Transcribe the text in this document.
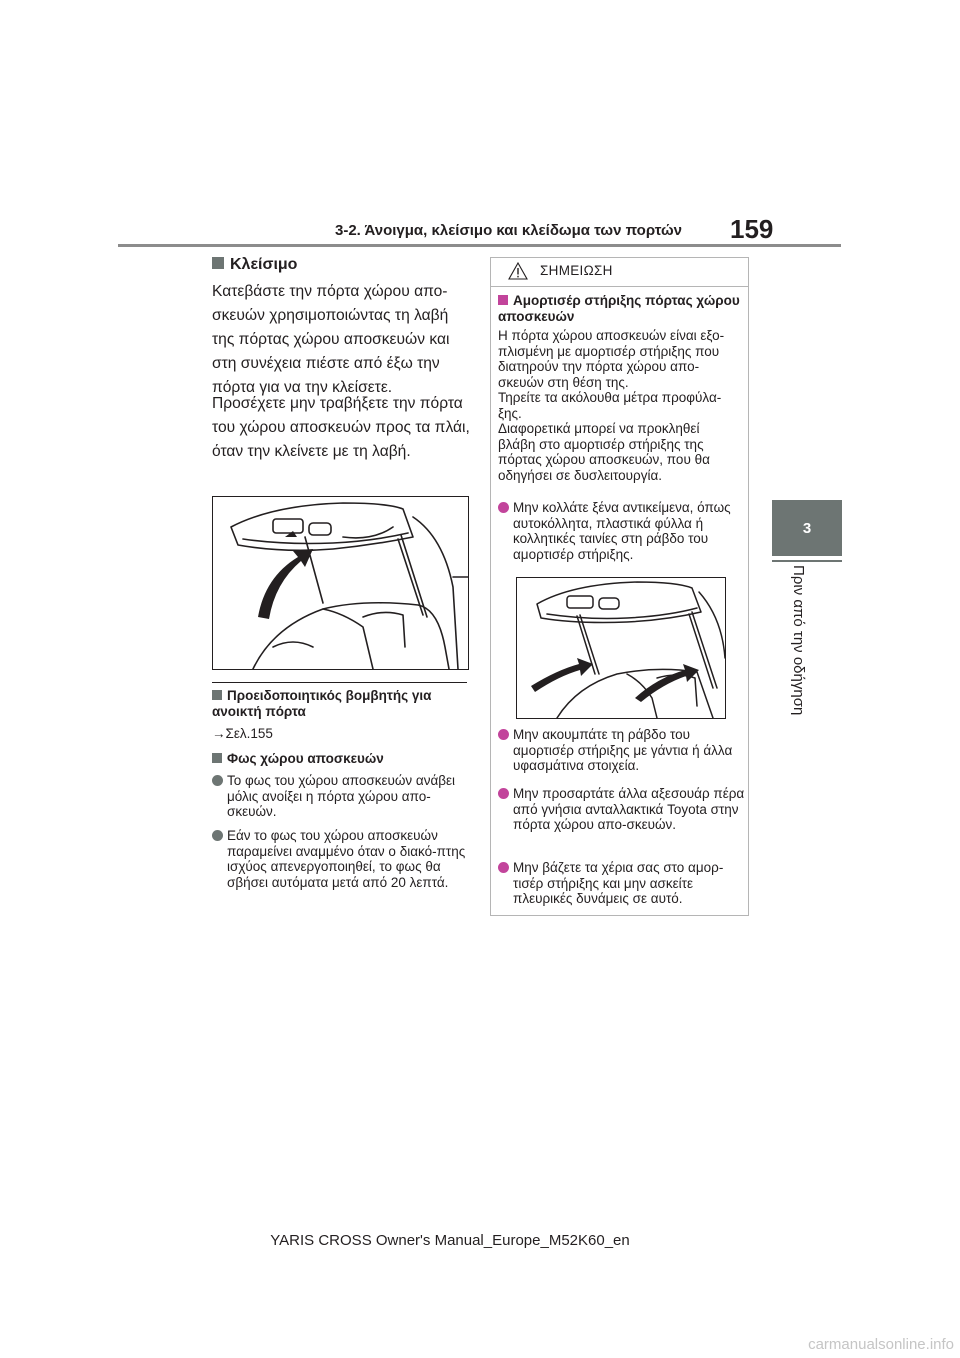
3-2. Άνοιγμα, κλείσιμο και κλείδωμα των πορτών 159
3
Πριν από την οδήγηση
Κλείσιμο
Κατεβάστε την πόρτα χώρου απο-σκευών χρησιμοποιώντας τη λαβή της πόρτας χώρου αποσκευών και στη συνέχεια πιέστε από έξω την πόρτα για να την κλείσετε.
Προσέχετε μην τραβήξετε την πόρτα του χώρου αποσκευών προς τα πλάι, όταν την κλείνετε με τη λαβή.
Προειδοποιητικός βομβητής για ανοικτή πόρτα
→Σελ.155
Φως χώρου αποσκευών
Το φως του χώρου αποσκευών ανάβει μόλις ανοίξει η πόρτα χώρου απο-σκευών.
Εάν το φως του χώρου αποσκευών παραμείνει αναμμένο όταν ο διακό-πτης ισχύος απενεργοποιηθεί, το φως θα σβήσει αυτόματα μετά από 20 λεπτά.
ΣΗΜΕΙΩΣΗ
Αμορτισέρ στήριξης πόρτας χώρου αποσκευών
Η πόρτα χώρου αποσκευών είναι εξο-
πλισμένη με αμορτισέρ στήριξης που
διατηρούν την πόρτα χώρου απο-
σκευών στη θέση της.
Τηρείτε τα ακόλουθα μέτρα προφύλα-
ξης.
Διαφορετικά μπορεί να προκληθεί
βλάβη στο αμορτισέρ στήριξης της
πόρτας χώρου αποσκευών, που θα
οδηγήσει σε δυσλειτουργία.
Μην κολλάτε ξένα αντικείμενα, όπως αυτοκόλλητα, πλαστικά φύλλα ή κολλητικές ταινίες στη ράβδο του αμορτισέρ στήριξης.
Μην ακουμπάτε τη ράβδο του αμορτισέρ στήριξης με γάντια ή άλλα υφασμάτινα στοιχεία.
Μην προσαρτάτε άλλα αξεσουάρ πέρα από γνήσια ανταλλακτικά Toyota στην πόρτα χώρου απο-σκευών.
Μην βάζετε τα χέρια σας στο αμορ-τισέρ στήριξης και μην ασκείτε πλευρικές δυνάμεις σε αυτό.
YARIS CROSS Owner's Manual_Europe_M52K60_en
carmanualsonline.info
